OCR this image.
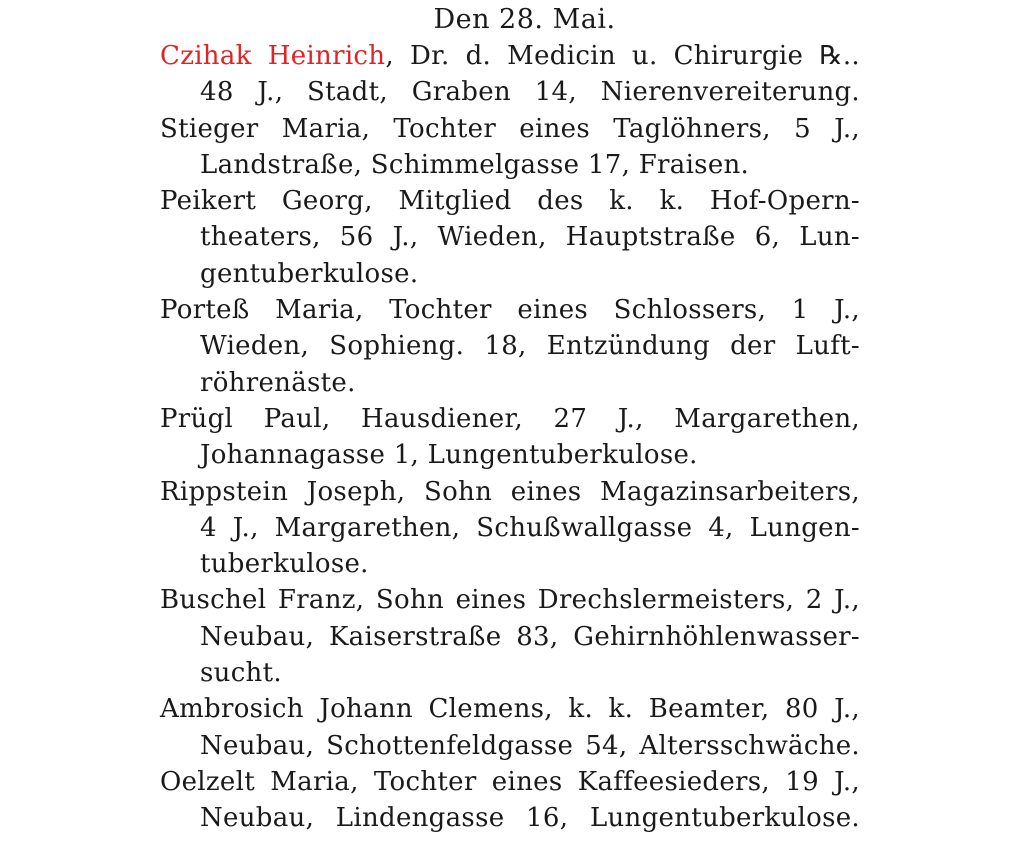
Den 28. Mai.
Czihak Heinrich, Dr. d. Medicin u. Chirurgie ℞..
48 J., Stadt, Graben 14, Nierenvereiterung.
Stieger Maria, Tochter eines Taglöhners, 5 J.,
Landstraße, Schimmelgasse 17, Fraisen.
Peikert Georg, Mitglied des k. k. Hof-Opern-
theaters, 56 J., Wieden, Hauptstraße 6, Lun-
gentuberkulose.
Porteß Maria, Tochter eines Schlossers, 1 J.,
Wieden, Sophieng. 18, Entzündung der Luft-
röhrenäste.
Prügl Paul, Hausdiener, 27 J., Margarethen,
Johannagasse 1, Lungentuberkulose.
Rippstein Joseph, Sohn eines Magazinsarbeiters,
4 J., Margarethen, Schußwallgasse 4, Lungen-
tuberkulose.
Buschel Franz, Sohn eines Drechslermeisters, 2 J.,
Neubau, Kaiserstraße 83, Gehirnhöhlenwasser-
sucht.
Ambrosich Johann Clemens, k. k. Beamter, 80 J.,
Neubau, Schottenfeldgasse 54, Altersschwäche.
Oelzelt Maria, Tochter eines Kaffeesieders, 19 J.,
Neubau, Lindengasse 16, Lungentuberkulose.
